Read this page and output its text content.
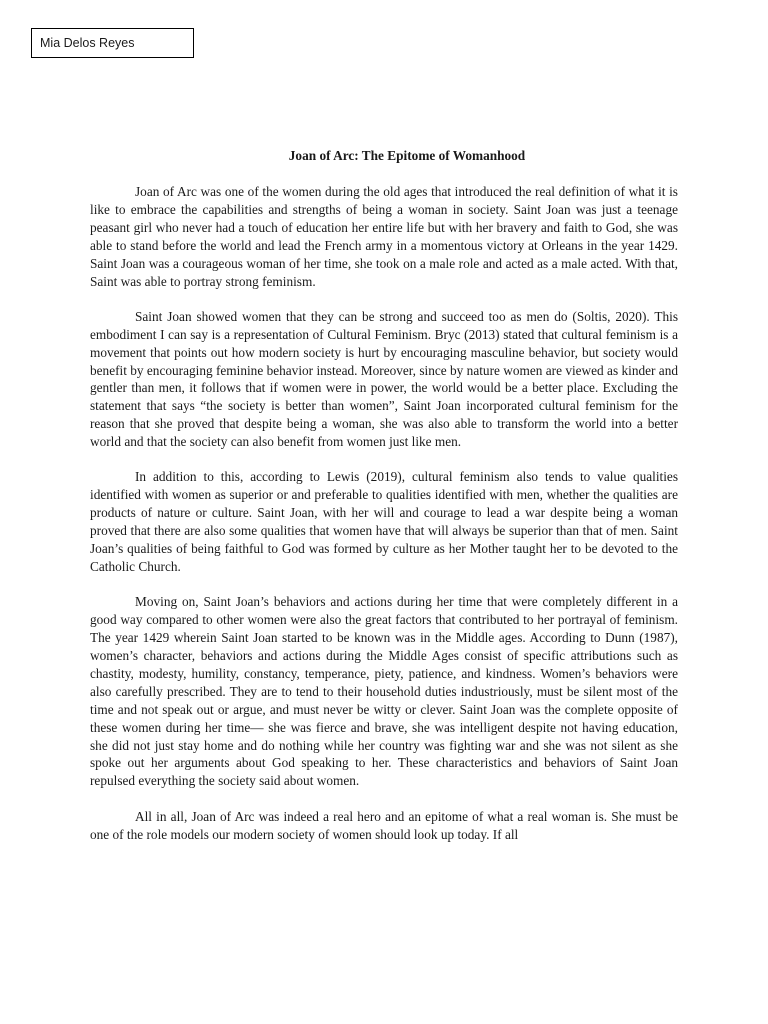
Mia Delos Reyes
Joan of Arc: The Epitome of Womanhood

Joan of Arc was one of the women during the old ages that introduced the real definition of what it is like to embrace the capabilities and strengths of being a woman in society. Saint Joan was just a teenage peasant girl who never had a touch of education her entire life but with her bravery and faith to God, she was able to stand before the world and lead the French army in a momentous victory at Orleans in the year 1429. Saint Joan was a courageous woman of her time, she took on a male role and acted as a male acted. With that, Saint was able to portray strong feminism.

Saint Joan showed women that they can be strong and succeed too as men do (Soltis, 2020). This embodiment I can say is a representation of Cultural Feminism. Bryc (2013) stated that cultural feminism is a movement that points out how modern society is hurt by encouraging masculine behavior, but society would benefit by encouraging feminine behavior instead. Moreover, since by nature women are viewed as kinder and gentler than men, it follows that if women were in power, the world would be a better place. Excluding the statement that says “the society is better than women”, Saint Joan incorporated cultural feminism for the reason that she proved that despite being a woman, she was also able to transform the world into a better world and that the society can also benefit from women just like men.

In addition to this, according to Lewis (2019), cultural feminism also tends to value qualities identified with women as superior or and preferable to qualities identified with men, whether the qualities are products of nature or culture. Saint Joan, with her will and courage to lead a war despite being a woman proved that there are also some qualities that women have that will always be superior than that of men. Saint Joan’s qualities of being faithful to God was formed by culture as her Mother taught her to be devoted to the Catholic Church.

Moving on, Saint Joan’s behaviors and actions during her time that were completely different in a good way compared to other women were also the great factors that contributed to her portrayal of feminism. The year 1429 wherein Saint Joan started to be known was in the Middle ages. According to Dunn (1987), women’s character, behaviors and actions during the Middle Ages consist of specific attributions such as chastity, modesty, humility, constancy, temperance, piety, patience, and kindness. Women’s behaviors were also carefully prescribed. They are to tend to their household duties industriously, must be silent most of the time and not speak out or argue, and must never be witty or clever. Saint Joan was the complete opposite of these women during her time— she was fierce and brave, she was intelligent despite not having education, she did not just stay home and do nothing while her country was fighting war and she was not silent as she spoke out her arguments about God speaking to her. These characteristics and behaviors of Saint Joan repulsed everything the society said about women.

All in all, Joan of Arc was indeed a real hero and an epitome of what a real woman is. She must be one of the role models our modern society of women should look up today. If all
